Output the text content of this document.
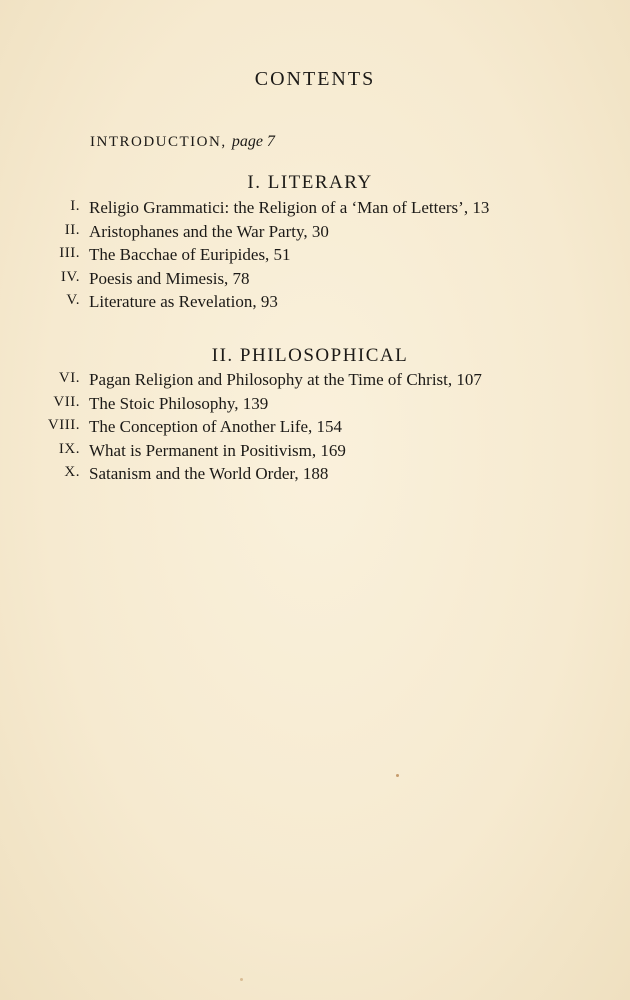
CONTENTS
INTRODUCTION, page 7
I. LITERARY
I. Religio Grammatici: the Religion of a ‘Man of Letters’, 13
II. Aristophanes and the War Party, 30
III. The Bacchae of Euripides, 51
IV. Poesis and Mimesis, 78
V. Literature as Revelation, 93
II. PHILOSOPHICAL
VI. Pagan Religion and Philosophy at the Time of Christ, 107
VII. The Stoic Philosophy, 139
VIII. The Conception of Another Life, 154
IX. What is Permanent in Positivism, 169
X. Satanism and the World Order, 188
